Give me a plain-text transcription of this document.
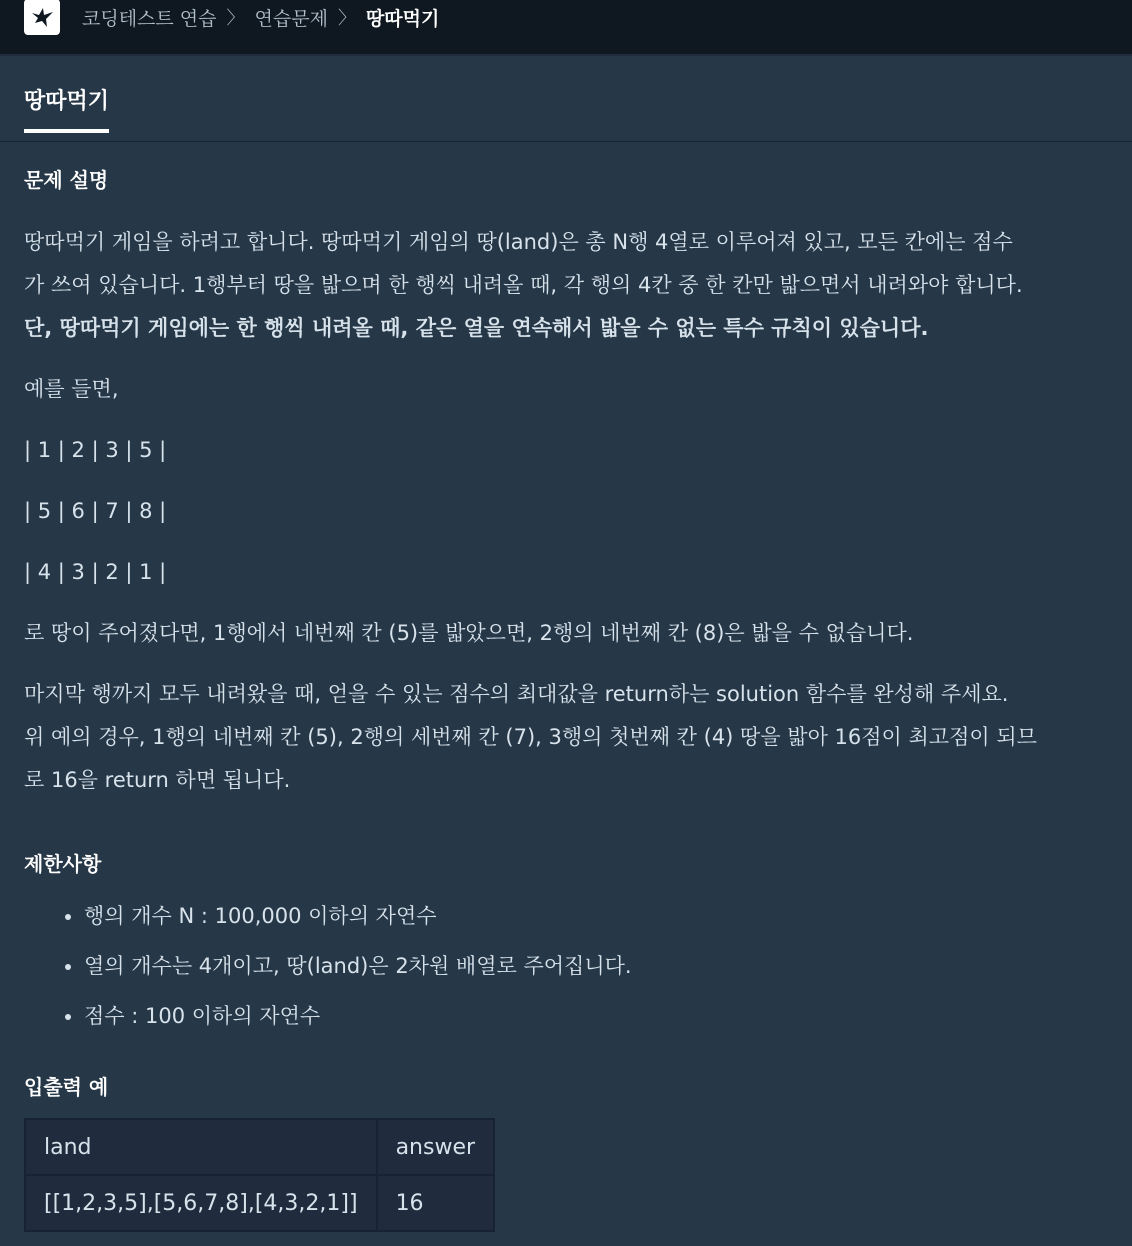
코딩테스트 연습 〉 연습문제 〉 땅따먹기
땅따먹기
문제 설명

땅따먹기 게임을 하려고 합니다. 땅따먹기 게임의 땅(land)은 총 N행 4열로 이루어져 있고, 모든 칸에는 점수

가 쓰여 있습니다. 1행부터 땅을 밟으며 한 행씩 내려올 때, 각 행의 4칸 중 한 칸만 밟으면서 내려와야 합니다.

단, 땅따먹기 게임에는 한 행씩 내려올 때, 같은 열을 연속해서 밟을 수 없는 특수 규칙이 있습니다.

예를 들면,

| 1 | 2 | 3 | 5 |

| 5 | 6 | 7 | 8 |

| 4 | 3 | 2 | 1 |

로 땅이 주어졌다면, 1행에서 네번째 칸 (5)를 밟았으면, 2행의 네번째 칸 (8)은 밟을 수 없습니다.

마지막 행까지 모두 내려왔을 때, 얻을 수 있는 점수의 최대값을 return하는 solution 함수를 완성해 주세요.

위 예의 경우, 1행의 네번째 칸 (5), 2행의 세번째 칸 (7), 3행의 첫번째 칸 (4) 땅을 밟아 16점이 최고점이 되므

로 16을 return 하면 됩니다.

제한사항
• 행의 개수 N : 100,000 이하의 자연수
• 열의 개수는 4개이고, 땅(land)은 2차원 배열로 주어집니다.
• 점수 : 100 이하의 자연수
입출력 예
land	answer
[[1,2,3,5],[5,6,7,8],[4,3,2,1]]	16
